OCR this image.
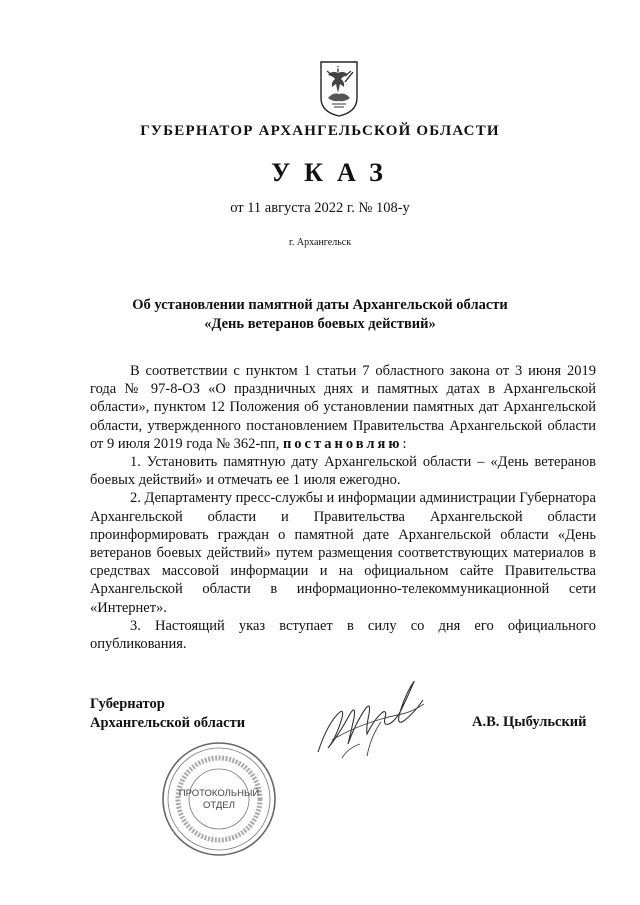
ГУБЕРНАТОР АРХАНГЕЛЬСКОЙ ОБЛАСТИ
УКАЗ
от 11 августа 2022 г. № 108-у
г. Архангельск
Об установлении памятной даты Архангельской области
«День ветеранов боевых действий»

В соответствии с пунктом 1 статьи 7 областного закона от 3 июня 2019 года № 97-8-ОЗ «О праздничных днях и памятных датах в Архангельской области», пунктом 12 Положения об установлении памятных дат Архангельской области, утвержденного постановлением Правительства Архангельской области от 9 июля 2019 года № 362-пп, постановляю:

1. Установить памятную дату Архангельской области – «День ветеранов боевых действий» и отмечать ее 1 июля ежегодно.

2. Департаменту пресс-службы и информации администрации Губернатора Архангельской области и Правительства Архангельской области проинформировать граждан о памятной дате Архангельской области «День ветеранов боевых действий» путем размещения соответствующих материалов в средствах массовой информации и на официальном сайте Правительства Архангельской области в информационно-телекоммуникационной сети «Интернет».

3. Настоящий указ вступает в силу со дня его официального опубликования.

Губернатор
Архангельской области	А.В. Цыбульский
ПРОТОКОЛЬНЫЙ
ОТДЕЛ
